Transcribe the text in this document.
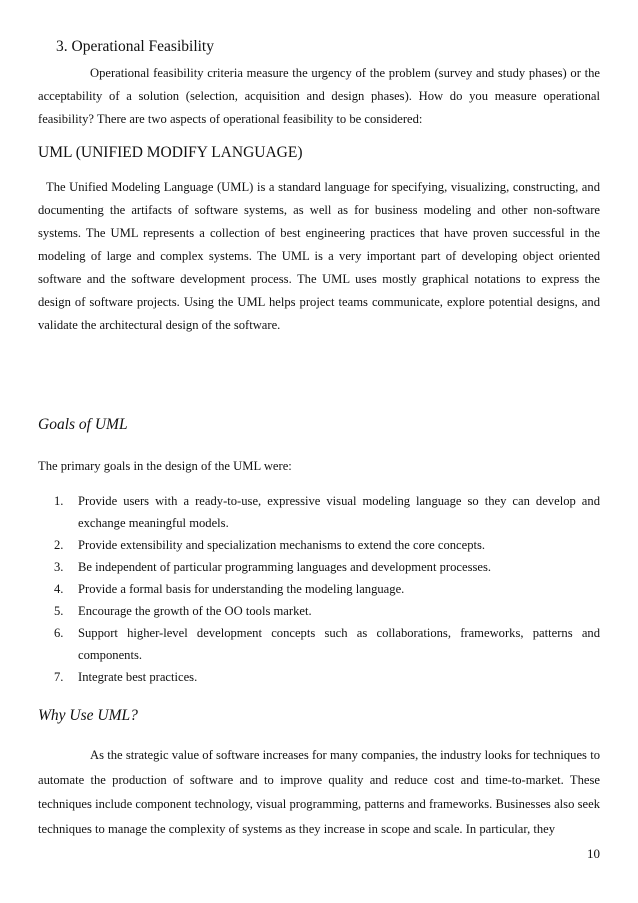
3. Operational Feasibility

Operational feasibility criteria measure the urgency of the problem (survey and study phases) or the acceptability of a solution (selection, acquisition and design phases). How do you measure operational feasibility? There are two aspects of operational feasibility to be considered:

UML (UNIFIED MODIFY LANGUAGE)

The Unified Modeling Language (UML) is a standard language for specifying, visualizing, constructing, and documenting the artifacts of software systems, as well as for business modeling and other non-software systems. The UML represents a collection of best engineering practices that have proven successful in the modeling of large and complex systems. The UML is a very important part of developing object oriented software and the software development process. The UML uses mostly graphical notations to express the design of software projects. Using the UML helps project teams communicate, explore potential designs, and validate the architectural design of the software.

Goals of UML
The primary goals in the design of the UML were:
1. Provide users with a ready-to-use, expressive visual modeling language so they can develop and exchange meaningful models.
2. Provide extensibility and specialization mechanisms to extend the core concepts.
3. Be independent of particular programming languages and development processes.
4. Provide a formal basis for understanding the modeling language.
5. Encourage the growth of the OO tools market.
6. Support higher-level development concepts such as collaborations, frameworks, patterns and components.
7. Integrate best practices.
Why Use UML?

As the strategic value of software increases for many companies, the industry looks for techniques to automate the production of software and to improve quality and reduce cost and time-to-market. These techniques include component technology, visual programming, patterns and frameworks. Businesses also seek techniques to manage the complexity of systems as they increase in scope and scale. In particular, they

10
